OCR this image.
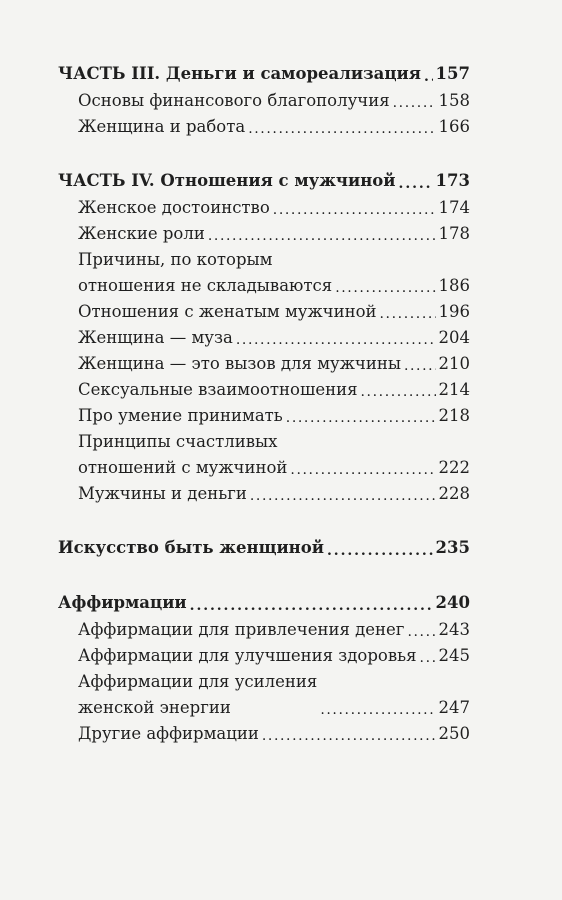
ЧАСТЬ III. Деньги и самореализация ..... 157
Основы финансового благополучия .....	158
Женщина и работа .....	166
ЧАСТЬ IV. Отношения с мужчиной ..... 173
Женское достоинство .....	174
Женские роли .....	178
Причины, по которым
отношения не складываются .....	186
Отношения с женатым мужчиной .....	196
Женщина — муза .....	204
Женщина — это вызов для мужчины ..... 210
Сексуальные взаимоотношения .....	214
Про умение принимать .....	218
Принципы счастливых
отношений с мужчиной .....	222
Мужчины и деньги .....	228
Искусство быть женщиной .....	235
Аффирмации .....	240
Аффирмации для привлечения денег ..... 243
Аффирмации для улучшения здоровья ..... 245
Аффирмации для усиления
женской энергии .....	247
Другие аффирмации .....	250
